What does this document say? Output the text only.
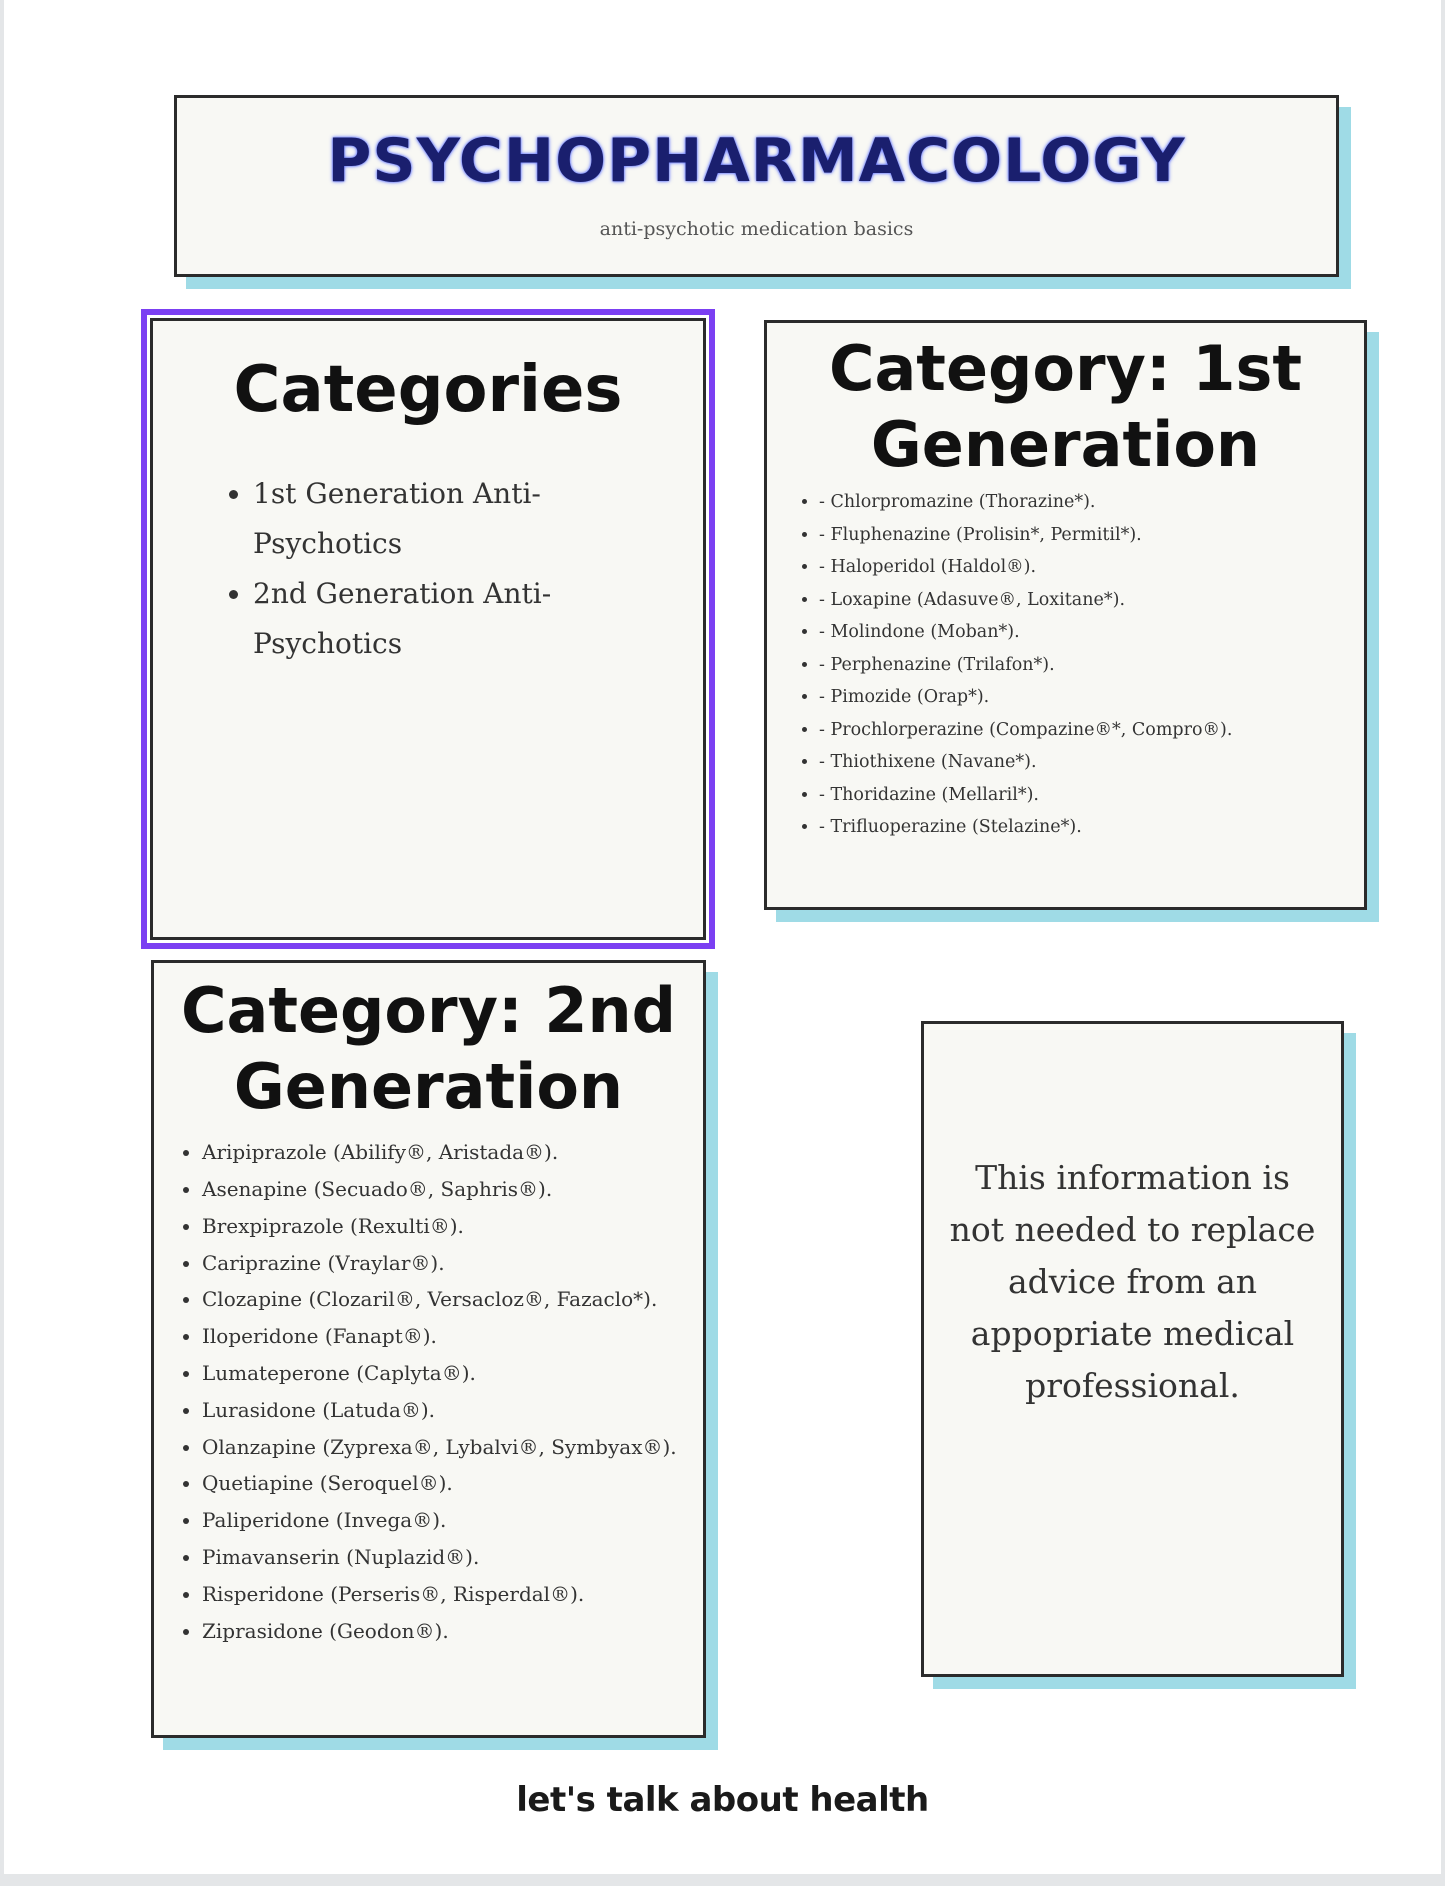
PSYCHOPHARMACOLOGY
anti-psychotic medication basics
Categories
• 1st Generation Anti-Psychotics
• 2nd Generation Anti-Psychotics
Category: 1st Generation
• - Chlorpromazine (Thorazine*).
• - Fluphenazine (Prolisin*, Permitil*).
• - Haloperidol (Haldol®).
• - Loxapine (Adasuve®, Loxitane*).
• - Molindone (Moban*).
• - Perphenazine (Trilafon*).
• - Pimozide (Orap*).
• - Prochlorperazine (Compazine®*, Compro®).
• - Thiothixene (Navane*).
• - Thoridazine (Mellaril*).
• - Trifluoperazine (Stelazine*).
Category: 2nd Generation
• Aripiprazole (Abilify®, Aristada®).
• Asenapine (Secuado®, Saphris®).
• Brexpiprazole (Rexulti®).
• Cariprazine (Vraylar®).
• Clozapine (Clozaril®, Versacloz®, Fazaclo*).
• Iloperidone (Fanapt®).
• Lumateperone (Caplyta®).
• Lurasidone (Latuda®).
• Olanzapine (Zyprexa®, Lybalvi®, Symbyax®).
• Quetiapine (Seroquel®).
• Paliperidone (Invega®).
• Pimavanserin (Nuplazid®).
• Risperidone (Perseris®, Risperdal®).
• Ziprasidone (Geodon®).
This information is not needed to replace advice from an appopriate medical professional.
let's talk about health
